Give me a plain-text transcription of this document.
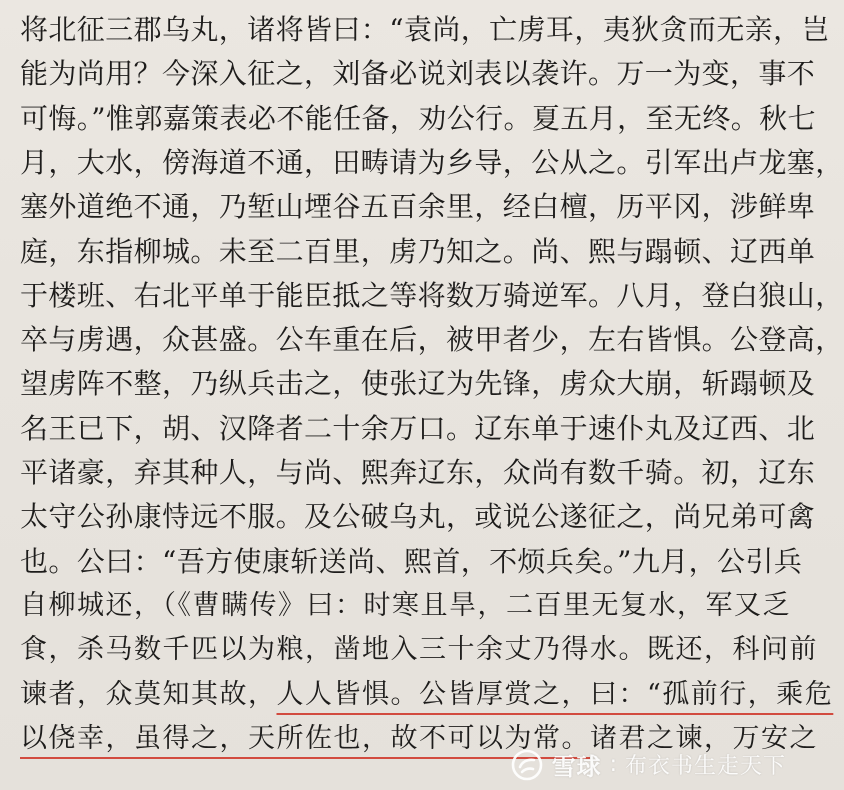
将北征三郡乌丸，诸将皆曰：“袁尚，亡虏耳，夷狄贪而无亲，岂
能为尚用？今深入征之，刘备必说刘表以袭许。万一为变，事不
可悔。”惟郭嘉策表必不能任备，劝公行。夏五月，至无终。秋七
月，大水，傍海道不通，田畴请为乡导，公从之。引军出卢龙塞，
塞外道绝不通，乃堑山堙谷五百余里，经白檀，历平冈，涉鲜卑
庭，东指柳城。未至二百里，虏乃知之。尚、熙与蹋顿、辽西单
于楼班、右北平单于能臣抵之等将数万骑逆军。八月，登白狼山，
卒与虏遇，众甚盛。公车重在后，被甲者少，左右皆惧。公登高，
望虏阵不整，乃纵兵击之，使张辽为先锋，虏众大崩，斩蹋顿及
名王已下，胡、汉降者二十余万口。辽东单于速仆丸及辽西、北
平诸豪，弃其种人，与尚、熙奔辽东，众尚有数千骑。初，辽东
太守公孙康恃远不服。及公破乌丸，或说公遂征之，尚兄弟可禽
也。公曰：“吾方使康斩送尚、熙首，不烦兵矣。”九月，公引兵
自柳城还，（《曹瞒传》曰：时寒且旱，二百里无复水，军又乏
食，杀马数千匹以为粮，凿地入三十余丈乃得水。既还，科问前
谏者，众莫知其故，人人皆惧。公皆厚赏之，曰：“孤前行，乘危
以侥幸，虽得之，天所佐也，故不可以为常。诸君之谏，万安之
雪球 : 布衣书生走天下
